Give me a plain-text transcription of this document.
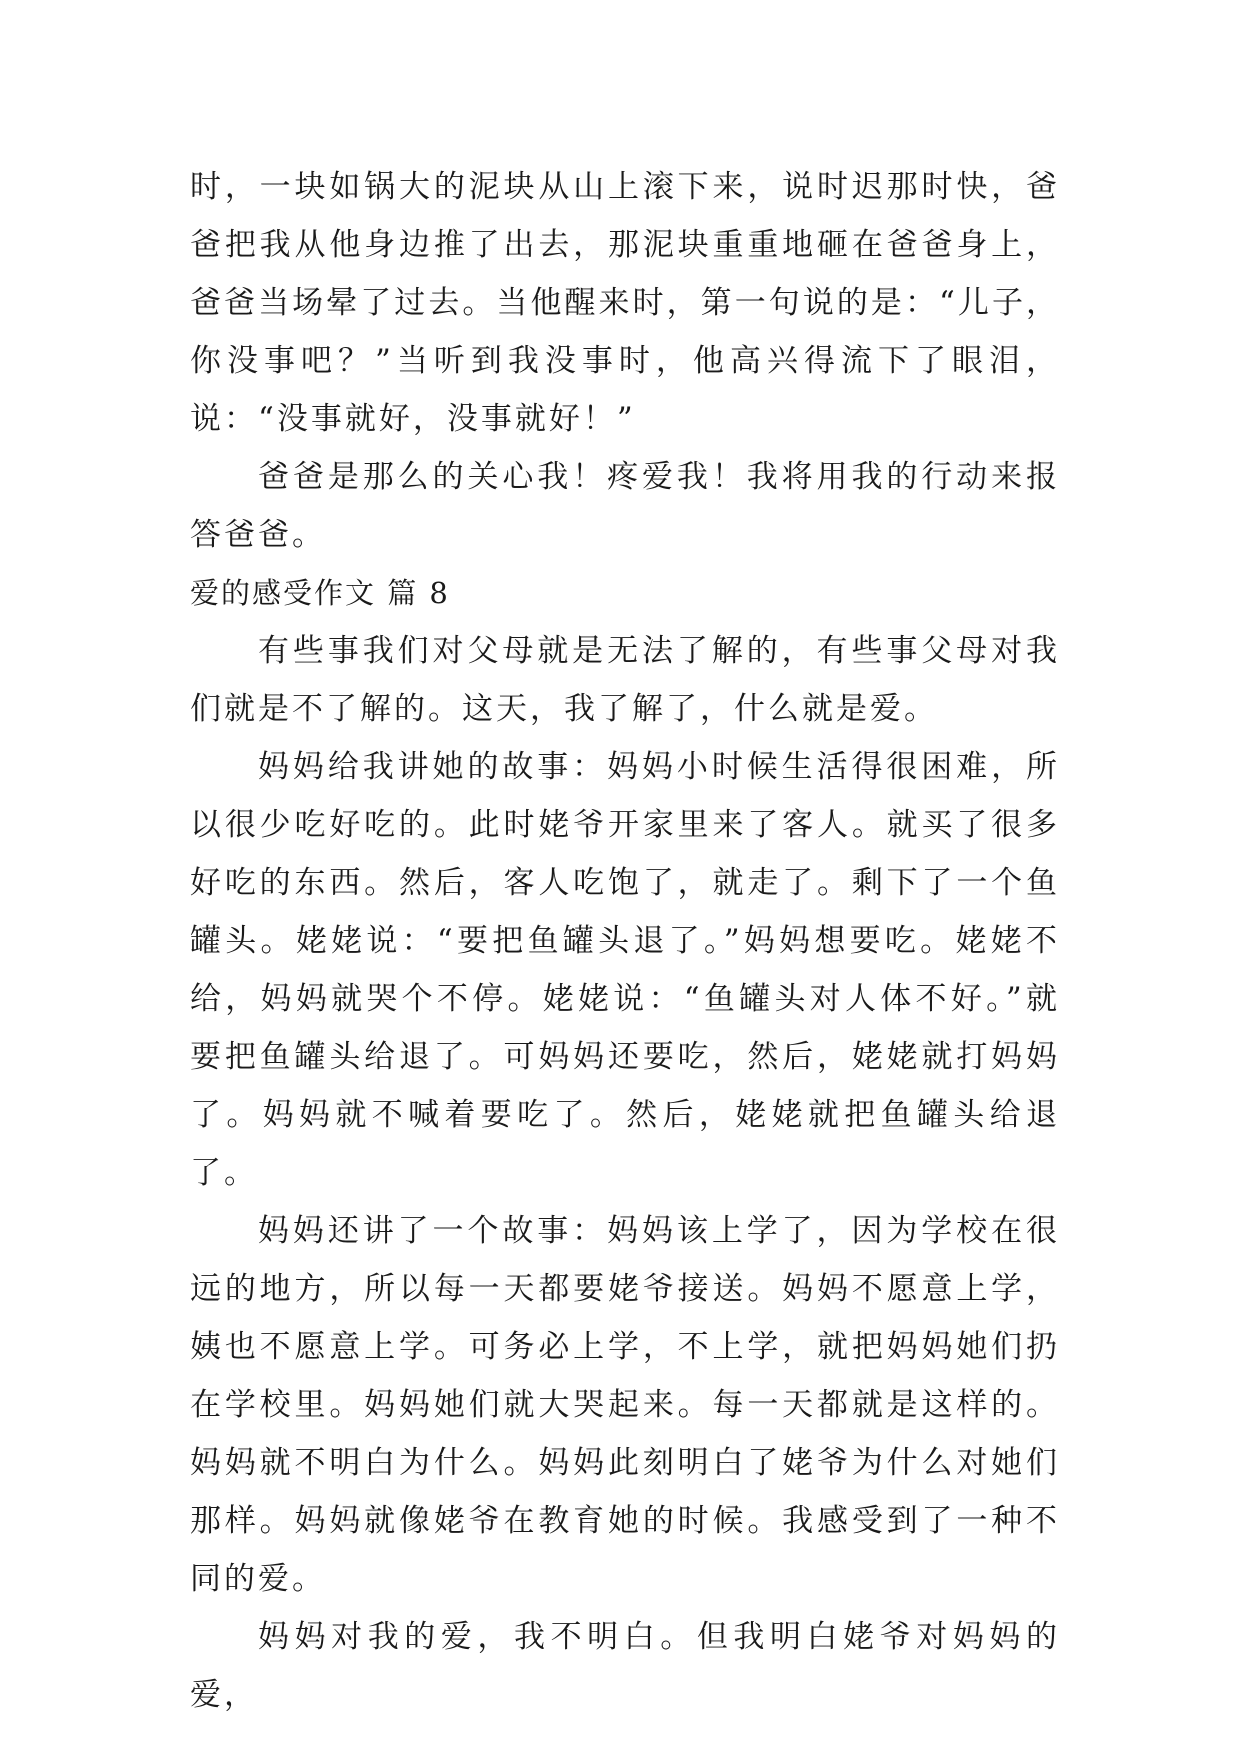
时，一块如锅大的泥块从山上滚下来，说时迟那时快，爸爸把我从他身边推了出去，那泥块重重地砸在爸爸身上，爸爸当场晕了过去。当他醒来时，第一句说的是：“儿子，你没事吧？”当听到我没事时，他高兴得流下了眼泪，说：“没事就好，没事就好！”

爸爸是那么的关心我！疼爱我！我将用我的行动来报答爸爸。

爱的感受作文 篇 8

有些事我们对父母就是无法了解的，有些事父母对我们就是不了解的。这天，我了解了，什么就是爱。

妈妈给我讲她的故事：妈妈小时候生活得很困难，所以很少吃好吃的。此时姥爷开家里来了客人。就买了很多好吃的东西。然后，客人吃饱了，就走了。剩下了一个鱼罐头。姥姥说：“要把鱼罐头退了。”妈妈想要吃。姥姥不给，妈妈就哭个不停。姥姥说：“鱼罐头对人体不好。”就要把鱼罐头给退了。可妈妈还要吃，然后，姥姥就打妈妈了。妈妈就不喊着要吃了。然后，姥姥就把鱼罐头给退了。

妈妈还讲了一个故事：妈妈该上学了，因为学校在很远的地方，所以每一天都要姥爷接送。妈妈不愿意上学，姨也不愿意上学。可务必上学，不上学，就把妈妈她们扔在学校里。妈妈她们就大哭起来。每一天都就是这样的。妈妈就不明白为什么。妈妈此刻明白了姥爷为什么对她们那样。妈妈就像姥爷在教育她的时候。我感受到了一种不同的爱。

妈妈对我的爱，我不明白。但我明白姥爷对妈妈的爱，
